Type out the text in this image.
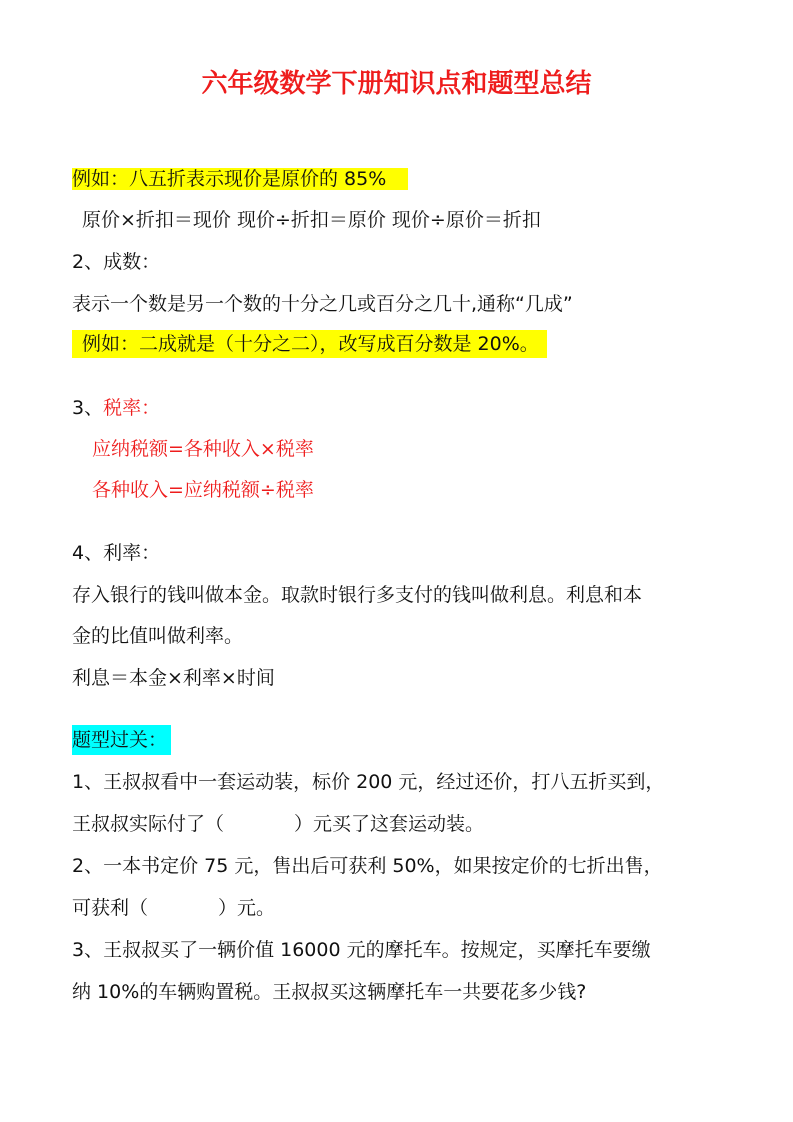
六年级数学下册知识点和题型总结
例如：八五折表示现价是原价的 85%
原价×折扣＝现价 现价÷折扣＝原价 现价÷原价＝折扣
2、成数：
表示一个数是另一个数的十分之几或百分之几十,通称“几成”
例如：二成就是（十分之二），改写成百分数是 20%。
3、税率：
应纳税额=各种收入×税率
各种收入=应纳税额÷税率
4、利率：
存入银行的钱叫做本金。取款时银行多支付的钱叫做利息。利息和本
金的比值叫做利率。
利息＝本金×利率×时间
题型过关：
1、王叔叔看中一套运动装，标价 200 元，经过还价，打八五折买到，
王叔叔实际付了（	）元买了这套运动装。
2、一本书定价 75 元，售出后可获利 50%，如果按定价的七折出售，
可获利（	）元。
3、王叔叔买了一辆价值 16000 元的摩托车。按规定，买摩托车要缴
纳 10%的车辆购置税。王叔叔买这辆摩托车一共要花多少钱?
